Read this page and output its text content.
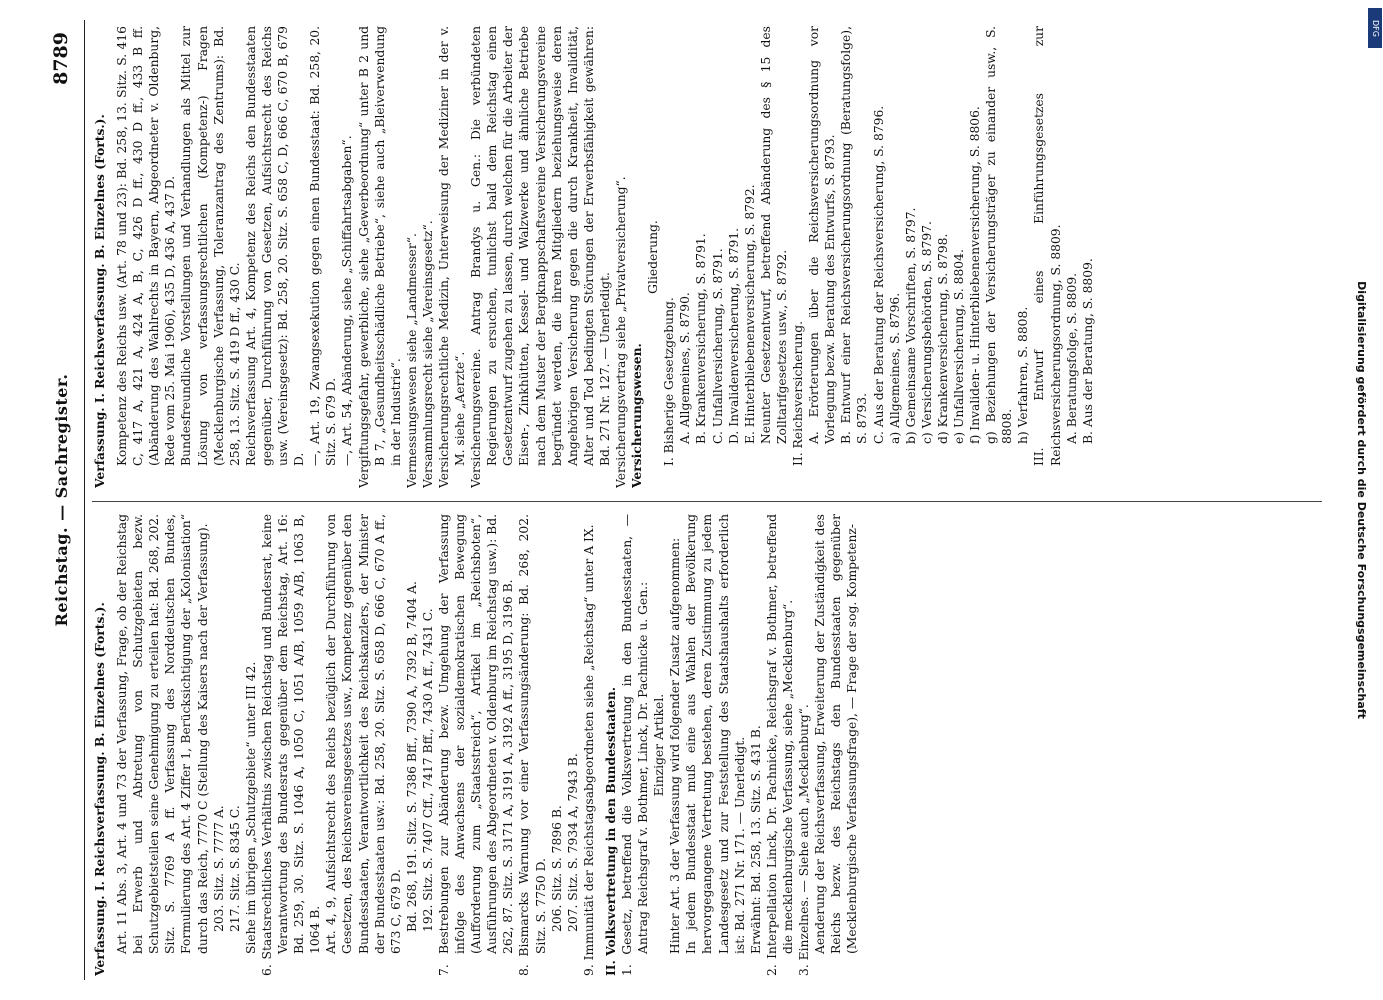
Reichstag. — Sachregister.
8789

Verfassung. I. Reichsverfassung. B. Einzelnes (Forts.). Art. 11 Abs. 3, Art. 4 und 73 der Verfassung, Frage, ob der Reichstag bei Erwerb und Abtretung von Schutzgebieten bezw. Schutzgebietsteilen seine Genehmigung zu erteilen hat: Bd. 268, 202. Sitz. S. 7769 A ff. Verfassung des Norddeutschen Bundes, Formulierung des Art. 4 Ziffer 1, Berücksichtigung der „Kolonisation“ durch das Reich, 7770 C (Stellung des Kaisers nach der Verfassung). 203. Sitz. S. 7777 A. 217. Sitz. S. 8345 C. Siehe im übrigen „Schutzgebiete“ unter III 42. 6. Staatsrechtliches Verhältnis zwischen Reichstag und Bundesrat, keine Verantwortung des Bundesrats gegenüber dem Reichstag, Art. 16: Bd. 259, 30. Sitz. S. 1046 A, 1050 C, 1051 A/B, 1059 A/B, 1063 B, 1064 B. Art. 4, 9, Aufsichtsrecht des Reichs bezüglich der Durchführung von Gesetzen, des Reichsvereinsgesetzes usw., Kompetenz gegenüber den Bundesstaaten, Verantwortlichkeit des Reichskanzlers, der Minister der Bundesstaaten usw.: Bd. 258, 20. Sitz. S. 658 D, 666 C, 670 A ff., 673 C, 679 D. Bd. 268, 191. Sitz. S. 7386 Bff., 7390 A, 7392 B, 7404 A. 192. Sitz. S. 7407 Cff., 7417 Bff., 7430 A ff., 7431 C. 7. Bestrebungen zur Abänderung bezw. Umgehung der Verfassung infolge des Anwachsens der sozialdemokratischen Bewegung (Aufforderung zum „Staatsstreich“, Artikel im „Reichsboten“, Ausführungen des Abgeordneten v. Oldenburg im Reichstag usw.): Bd. 262, 87. Sitz. S. 3171 A, 3191 A, 3192 A ff., 3195 D, 3196 B. 8. Bismarcks Warnung vor einer Verfassungsänderung: Bd. 268, 202. Sitz. S. 7750 D. 206. Sitz. S. 7896 B. 207. Sitz. S. 7934 A, 7943 B. 9. Immunität der Reichstagsabgeordneten siehe „Reichstag“ unter A IX. II. Volksvertretung in den Bundesstaaten. 1. Gesetz, betreffend die Volksvertretung in den Bundesstaaten, — Antrag Reichsgraf v. Bothmer, Linck, Dr. Pachnicke u. Gen.: Einziger Artikel. Hinter Art. 3 der Verfassung wird folgender Zusatz aufgenommen: In jedem Bundesstaat muß eine aus Wahlen der Bevölkerung hervorgegangene Vertretung bestehen, deren Zustimmung zu jedem Landesgesetz und zur Feststellung des Staatshaushalts erforderlich ist: Bd. 271 Nr. 171. — Unerledigt. Erwähnt: Bd. 258, 13. Sitz. S. 431 B. 2. Interpellation Linck, Dr. Pachnicke, Reichsgraf v. Bothmer, betreffend die mecklenburgische Verfassung, siehe „Mecklenburg“. 3. Einzelnes. — Siehe auch „Mecklenburg“. Aenderung der Reichsverfassung, Erweiterung der Zuständigkeit des Reichs bezw. des Reichstags den Bundesstaaten gegenüber (Mecklenburgische Verfassungsfrage), — Frage der sog. Kompetenz-

Verfassung. I. Reichsverfassung. B. Einzelnes (Forts.). Kompetenz des Reichs usw. (Art. 78 und 23): Bd. 258, 13. Sitz. S. 416 C, 417 A, 421 A, 424 A, B, C, 426 D ff., 430 D ff., 433 B ff. (Abänderung des Wahlrechts in Bayern, Abgeordneter v. Oldenburg, Rede vom 25. Mai 1906), 435 D, 436 A, 437 D. Bundesfreundliche Vorstellungen und Verhandlungen als Mittel zur Lösung von verfassungsrechtlichen (Kompetenz-) Fragen (Mecklenburgische Verfassung, Toleranzantrag des Zentrums): Bd. 258, 13. Sitz. S. 419 D ff., 430 C. Reichsverfassung Art. 4, Kompetenz des Reichs den Bundesstaaten gegenüber, Durchführung von Gesetzen, Aufsichtsrecht des Reichs usw. (Vereinsgesetz): Bd. 258, 20. Sitz. S. 658 C, D, 666 C, 670 B, 679 D. —, Art. 19, Zwangsexekution gegen einen Bundesstaat: Bd. 258, 20. Sitz. S. 679 D. —, Art. 54, Abänderung, siehe „Schiffahrtsabgaben“. Vergiftungsgefahr, gewerbliche, siehe „Gewerbeordnung“ unter B 2 und B 7, „Gesundheitsschädliche Betriebe“, siehe auch „Bleiverwendung in der Industrie“. Vermessungswesen siehe „Landmesser“. Versammlungsrecht siehe „Vereinsgesetz“. Versicherungsrechtliche Medizin, Unterweisung der Mediziner in der v. M. siehe „Aerzte“. Versicherungsvereine. Antrag Brandys u. Gen.: Die verbündeten Regierungen zu ersuchen, tunlichst bald dem Reichstag einen Gesetzentwurf zugehen zu lassen, durch welchen für die Arbeiter der Eisen-, Zinkhütten, Kessel- und Walzwerke und ähnliche Betriebe nach dem Muster der Bergknappschaftsvereine Versicherungsvereine begründet werden, die ihren Mitgliedern beziehungsweise deren Angehörigen Versicherung gegen die durch Krankheit, Invalidität, Alter und Tod bedingten Störungen der Erwerbsfähigkeit gewähren: Bd. 271 Nr. 127. — Unerledigt. Versicherungsvertrag siehe „Privatversicherung“. Versicherungswesen.

Gliederung.

I. Bisherige Gesetzgebung. A. Allgemeines, S. 8790. B. Krankenversicherung, S. 8791. C. Unfallversicherung, S. 8791. D. Invalidenversicherung, S. 8791. E. Hinterbliebenenversicherung, S. 8792. Neunter Gesetzentwurf, betreffend Abänderung des § 15 des Zolltarifgesetzes usw., S. 8792. II. Reichsversicherung. A. Erörterungen über die Reichsversicherungsordnung vor Vorlegung bezw. Beratung des Entwurfs, S. 8793. B. Entwurf einer Reichsversicherungsordnung (Beratungsfolge), S. 8793. C. Aus der Beratung der Reichsversicherung, S. 8796. a) Allgemeines, S. 8796. b) Gemeinsame Vorschriften, S. 8797. c) Versicherungsbehörden, S. 8797. d) Krankenversicherung, S. 8798. e) Unfallversicherung, S. 8804. f) Invaliden- u. Hinterbliebenenversicherung, S. 8806. g) Beziehungen der Versicherungsträger zu einander usw., S. 8808. h) Verfahren, S. 8808. III. Entwurf eines Einführungsgesetzes zur Reichsversicherungsordnung, S. 8809. A. Beratungsfolge, S. 8809. B. Aus der Beratung, S. 8809.

DFG
Digitalisierung gefördert durch die Deutsche Forschungsgemeinschaft
